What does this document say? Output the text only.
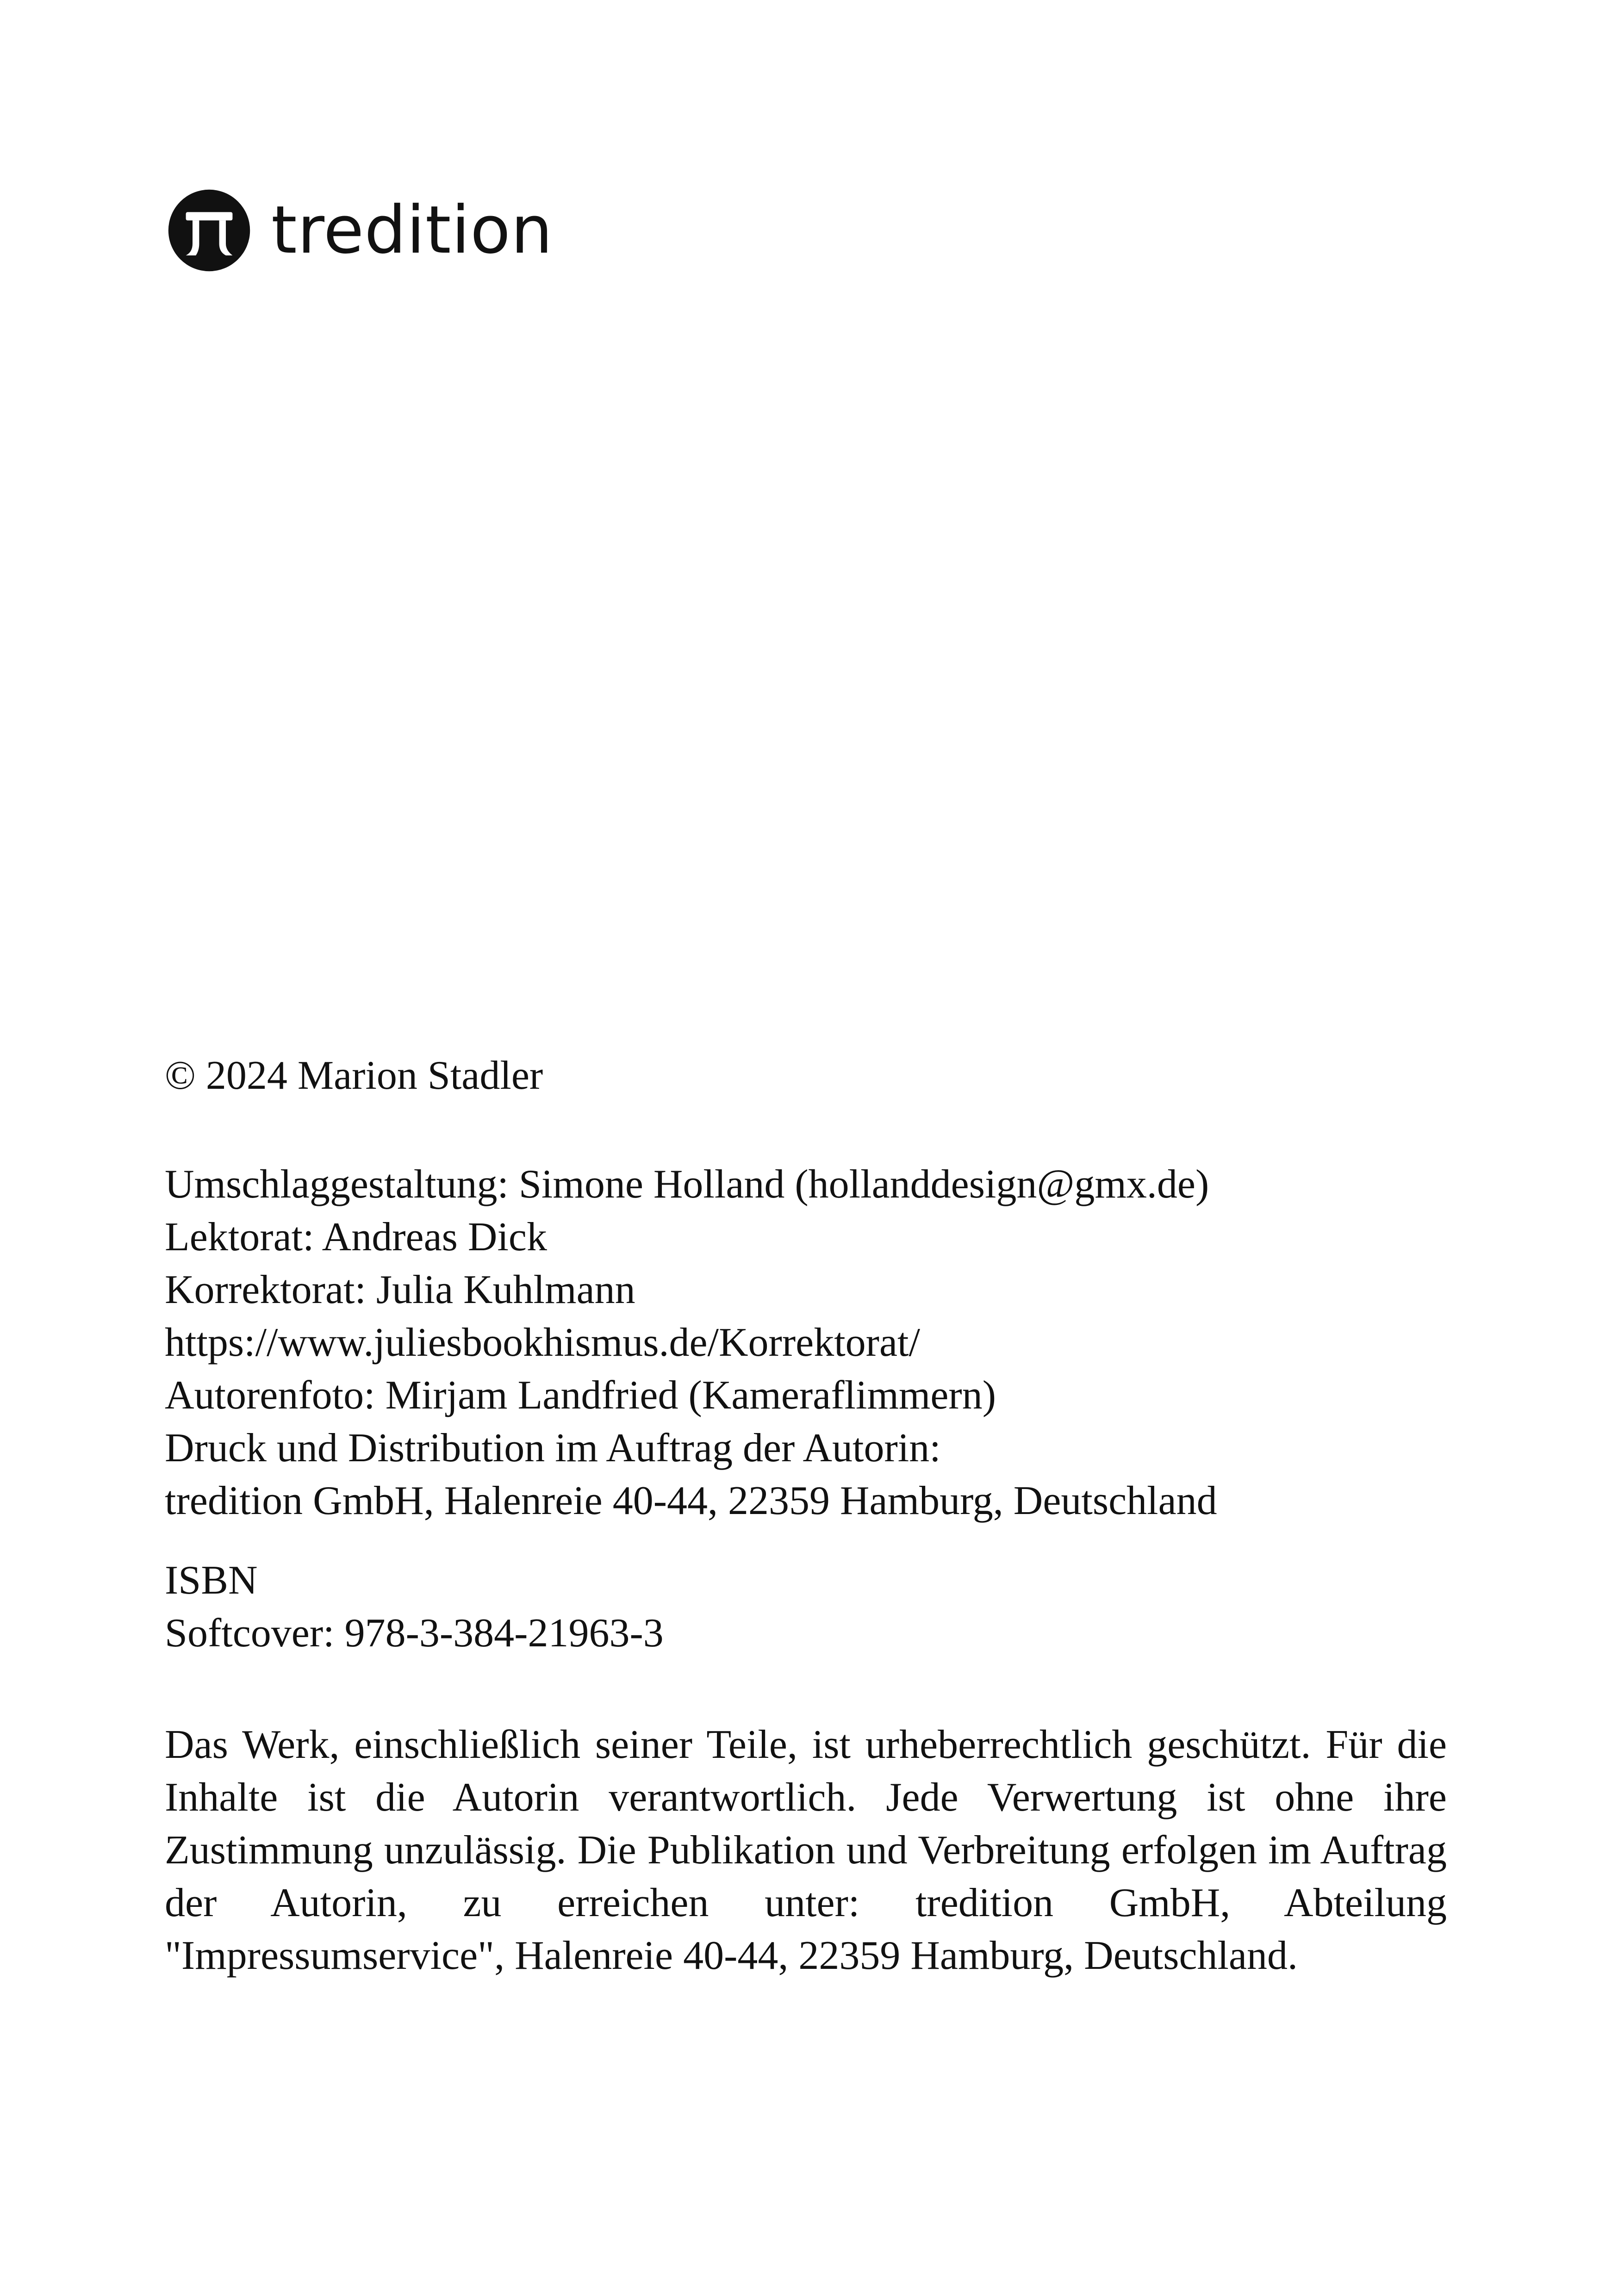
tredition
© 2024 Marion Stadler
Umschlaggestaltung: Simone Holland (hollanddesign@gmx.de)
Lektorat: Andreas Dick
Korrektorat: Julia Kuhlmann
https://www.juliesbookhismus.de/Korrektorat/
Autorenfoto: Mirjam Landfried (Kameraflimmern)
Druck und Distribution im Auftrag der Autorin:
tredition GmbH, Halenreie 40-44, 22359 Hamburg, Deutschland
ISBN
Softcover: 978-3-384-21963-3
Das Werk, einschließlich seiner Teile, ist urheberrechtlich geschützt. Für die Inhalte ist die Autorin verantwortlich. Jede Verwertung ist ohne ihre Zustimmung unzulässig. Die Publikation und Verbreitung erfolgen im Auftrag der Autorin, zu erreichen unter: tredition GmbH, Abteilung "Impressumservice", Halenreie 40-44, 22359 Hamburg, Deutschland.
